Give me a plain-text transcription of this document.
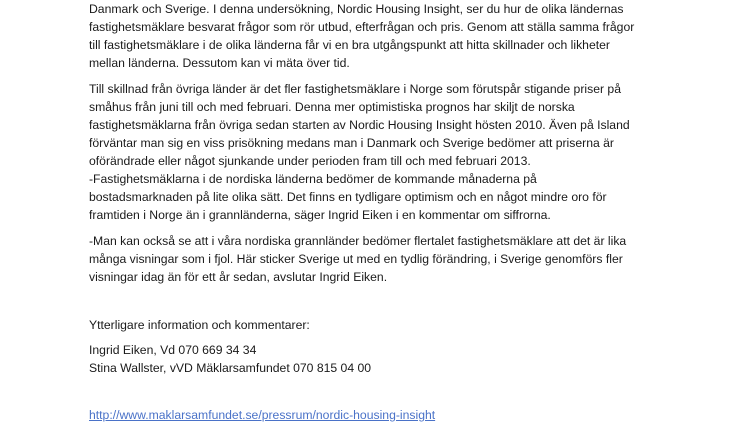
Danmark och Sverige. I denna undersökning, Nordic Housing Insight, ser du hur de olika ländernas
fastighetsmäklare besvarat frågor som rör utbud, efterfrågan och pris. Genom att ställa samma frågor
till fastighetsmäklare i de olika länderna får vi en bra utgångspunkt att hitta skillnader och likheter
mellan länderna. Dessutom kan vi mäta över tid.

Till skillnad från övriga länder är det fler fastighetsmäklare i Norge som förutspår stigande priser på
småhus från juni till och med februari. Denna mer optimistiska prognos har skiljt de norska
fastighetsmäklarna från övriga sedan starten av Nordic Housing Insight hösten 2010. Även på Island
förväntar man sig en viss prisökning medans man i Danmark och Sverige bedömer att priserna är
oförändrade eller något sjunkande under perioden fram till och med februari 2013.

-Fastighetsmäklarna i de nordiska länderna bedömer de kommande månaderna på
bostadsmarknaden på lite olika sätt. Det finns en tydligare optimism och en något mindre oro för
framtiden i Norge än i grannländerna, säger Ingrid Eiken i en kommentar om siffrorna.

-Man kan också se att i våra nordiska grannländer bedömer flertalet fastighetsmäklare att det är lika
många visningar som i fjol. Här sticker Sverige ut med en tydlig förändring, i Sverige genomförs fler
visningar idag än för ett år sedan, avslutar Ingrid Eiken.

Ytterligare information och kommentarer:

Ingrid Eiken, Vd 070 669 34 34
Stina Wallster, vVD Mäklarsamfundet 070 815 04 00

http://www.maklarsamfundet.se/pressrum/nordic-housing-insight
